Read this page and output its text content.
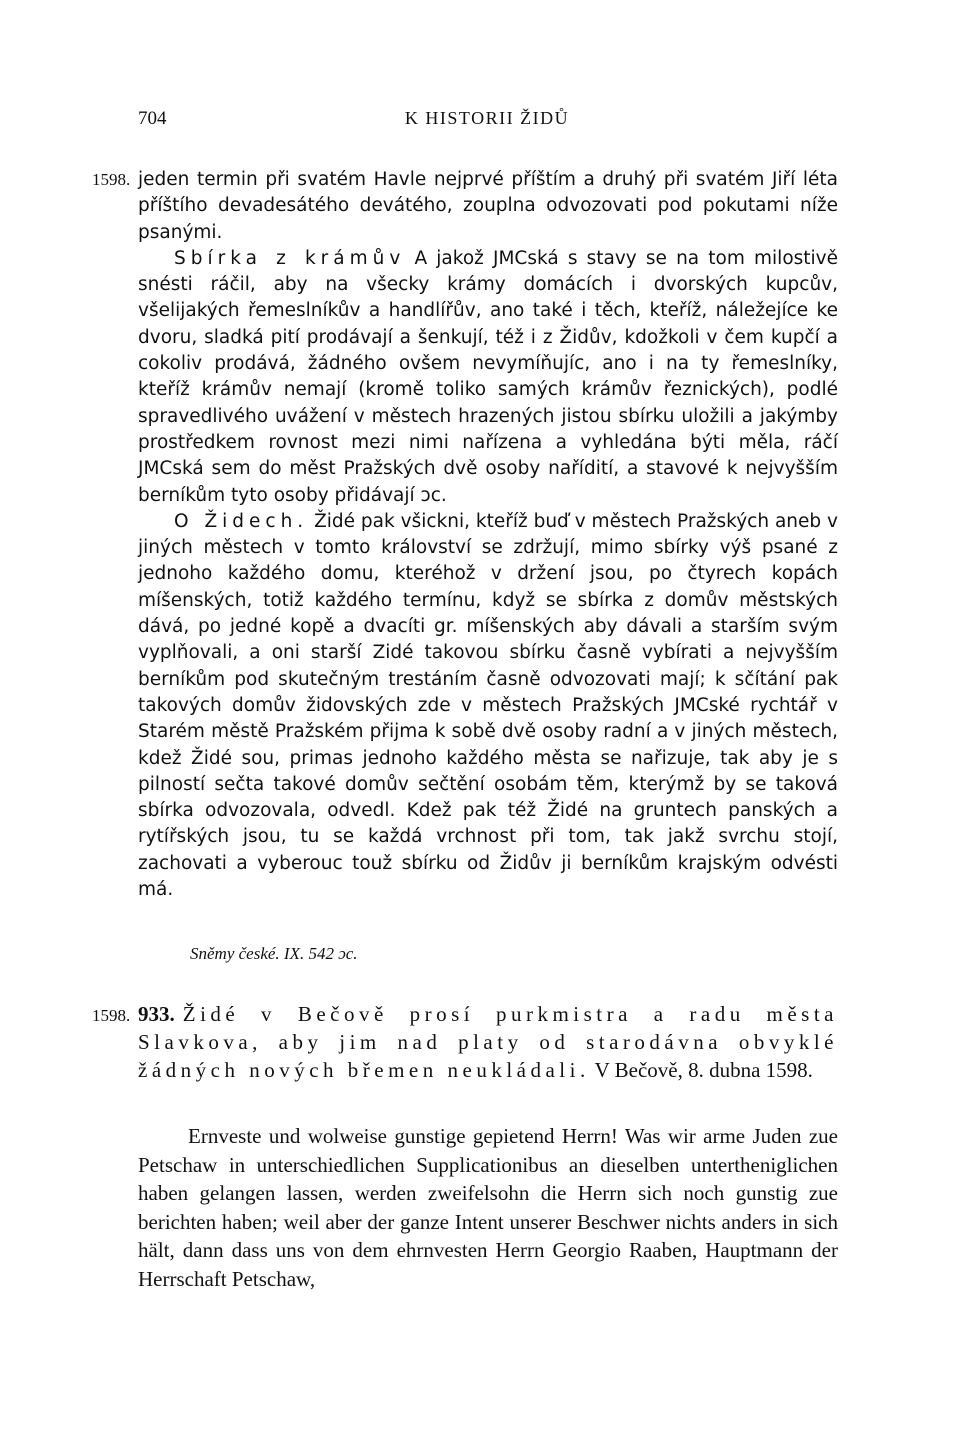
704	K HISTORII ŽIDŮ
1598. jeden termin při svatém Havle nejprvé příštím a druhý při svatém Jiří léta příštího devadesátého devátého, zouplna odvozovati pod pokutami níže psanými.

Sbírka z krámův A jakož JMCská s stavy se na tom milostivě snésti ráčil, aby na všecky krámy domácích i dvorských kupcův, všelijakých řemeslníkův a handlířův, ano také i těch, kteříž, náležejíce ke dvoru, sladká pití prodávají a šenkují, též i z Židův, kdožkoli v čem kupčí a cokoliv prodává, žádného ovšem nevymíňujíc, ano i na ty řemeslníky, kteříž krámův nemají (kromě toliko samých krámův řeznických), podlé spravedlivého uvážení v městech hrazených jistou sbírku uložili a jakýmby prostředkem rovnost mezi nimi nařízena a vyhledána býti měla, ráčí JMCská sem do měst Pražských dvě osoby nařídití, a stavové k nejvyšším berníkům tyto osoby přidávají ɔc.

O Židech. Židé pak všickni, kteříž buď v městech Pražských aneb v jiných městech v tomto království se zdržují, mimo sbírky výš psané z jednoho každého domu, kteréhož v držení jsou, po čtyrech kopách míšenských, totiž každého termínu, když se sbírka z domův městských dává, po jedné kopě a dvacíti gr. míšenských aby dávali a starším svým vyplňovali, a oni starší Zidé takovou sbírku časně vybírati a nejvyšším berníkům pod skutečným trestáním časně odvozovati mají; k sčítání pak takových domův židovských zde v městech Pražských JMCské rychtář v Starém městě Pražském přijma k sobě dvě osoby radní a v jiných městech, kdež Židé sou, primas jednoho každého města se nařizuje, tak aby je s pilností sečta takové domův sečtění osobám těm, kterýmž by se taková sbírka odvozovala, odvedl. Kdež pak též Židé na gruntech panských a rytířských jsou, tu se každá vrchnost při tom, tak jakž svrchu stojí, zachovati a vyberouc touž sbírku od Židův ji berníkům krajským odvésti má.

Sněmy české. IX. 542 ɔc.
1598. 933. Židé v Bečově prosí purkmistra a radu města Slavkova, aby jim nad platy od starodávna obvyklé žádných nových břemen neukládali. V Bečově, 8. dubna 1598.

Ernveste und wolweise gunstige gepietend Herrn! Was wir arme Juden zue Petschaw in unterschiedlichen Supplicationibus an dieselben untertheniglichen haben gelangen lassen, werden zweifelsohn die Herrn sich noch gunstig zue berichten haben; weil aber der ganze Intent unserer Beschwer nichts anders in sich hält, dann dass uns von dem ehrnvesten Herrn Georgio Raaben, Hauptmann der Herrschaft Petschaw,
